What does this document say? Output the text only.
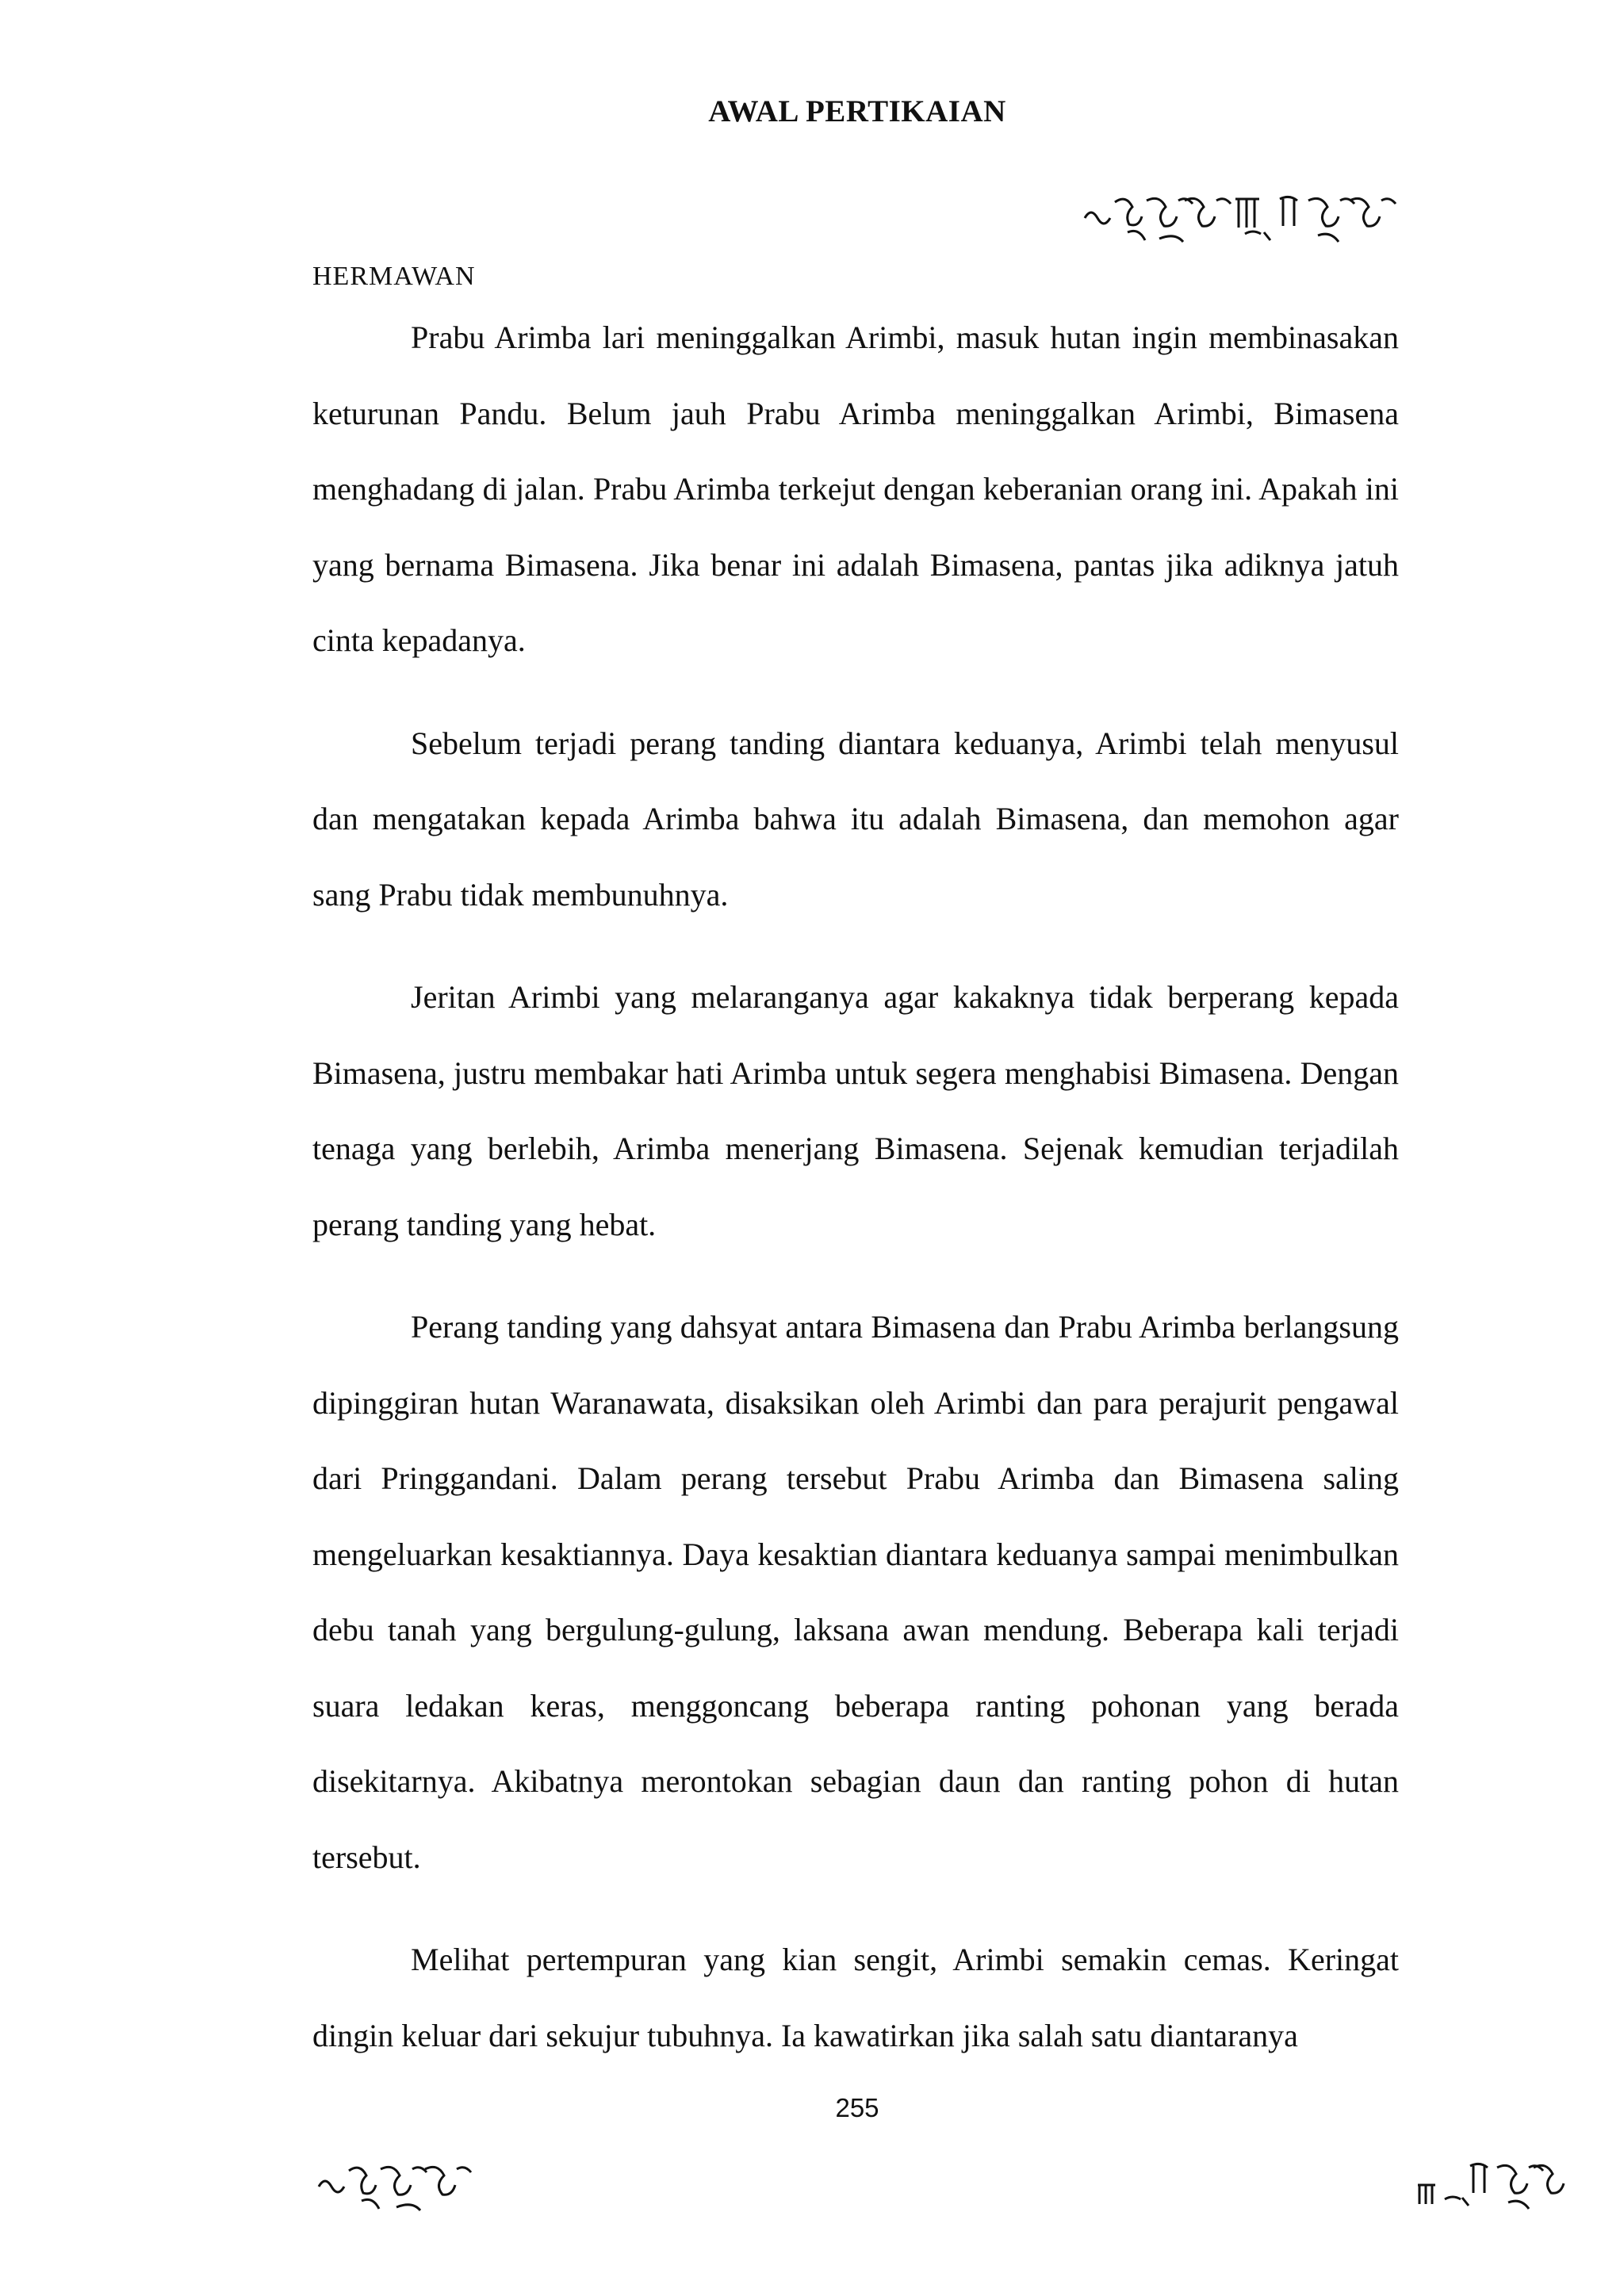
AWAL PERTIKAIAN
HERMAWAN

Prabu Arimba lari meninggalkan Arimbi, masuk hutan ingin membinasakan keturunan Pandu. Belum jauh Prabu Arimba meninggalkan Arimbi, Bimasena menghadang di jalan. Prabu Arimba terkejut dengan keberanian orang ini. Apakah ini yang bernama Bimasena. Jika benar ini adalah Bimasena, pantas jika adiknya jatuh cinta kepadanya.

Sebelum terjadi perang tanding diantara keduanya, Arimbi telah menyusul dan mengatakan kepada Arimba bahwa itu adalah Bimasena, dan memohon agar sang Prabu tidak membunuhnya.

Jeritan Arimbi yang melaranganya agar kakaknya tidak berperang kepada Bimasena, justru membakar hati Arimba untuk segera menghabisi Bimasena. Dengan tenaga yang berlebih, Arimba menerjang Bimasena. Sejenak kemudian terjadilah perang tanding yang hebat.

Perang tanding yang dahsyat antara Bimasena dan Prabu Arimba berlangsung dipinggiran hutan Waranawata, disaksikan oleh Arimbi dan para perajurit pengawal dari Pringgandani. Dalam perang tersebut Prabu Arimba dan Bimasena saling mengeluarkan kesaktiannya. Daya kesaktian diantara keduanya sampai menimbulkan debu tanah yang bergulung-gulung, laksana awan mendung. Beberapa kali terjadi suara ledakan keras, menggoncang beberapa ranting pohonan yang berada disekitarnya. Akibatnya merontokan sebagian daun dan ranting pohon di hutan tersebut.

Melihat pertempuran yang kian sengit, Arimbi semakin cemas. Keringat dingin keluar dari sekujur tubuhnya. Ia kawatirkan jika salah satu diantaranya

255
